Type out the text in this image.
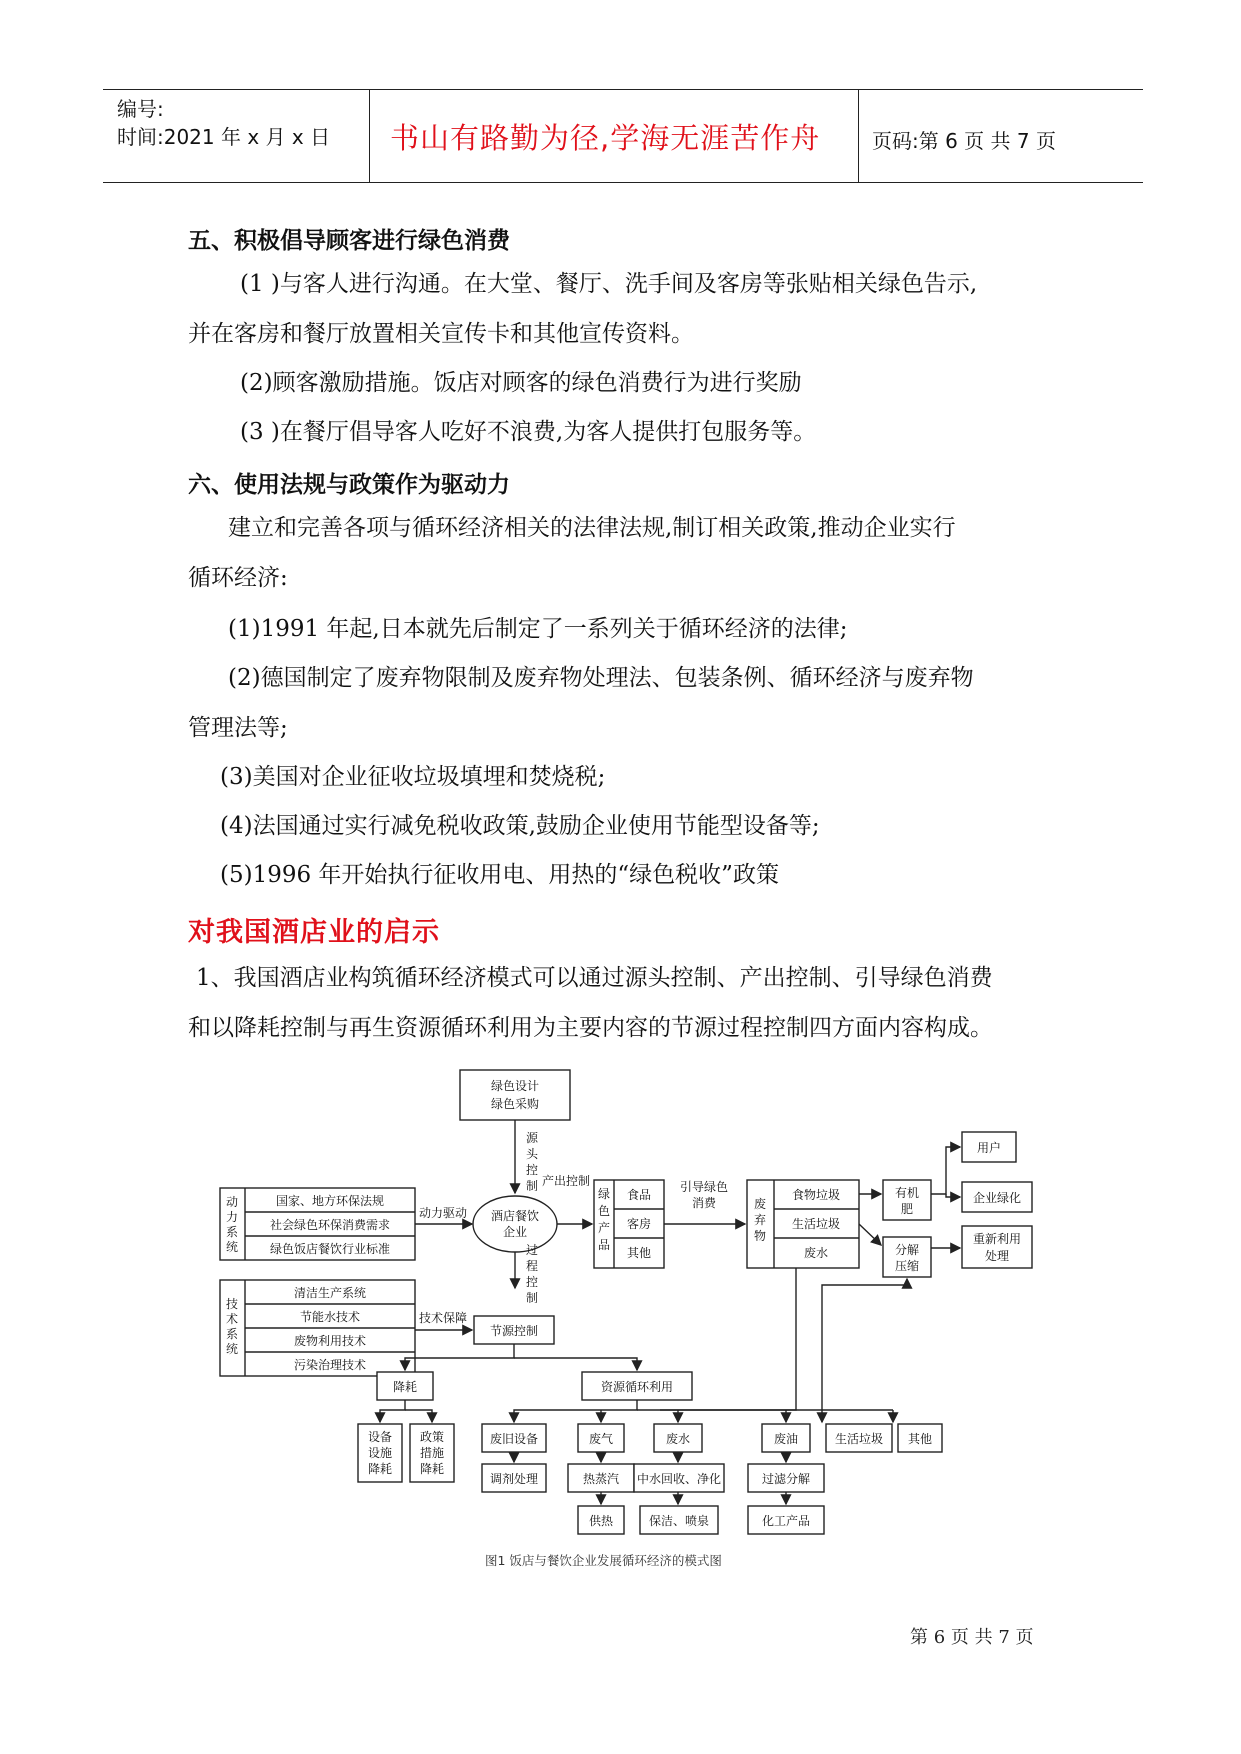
编号:
时间:2021 年 x 月 x 日 书山有路勤为径,学海无涯苦作舟	页码:第 6 页 共 7 页
五、积极倡导顾客进行绿色消费
(1 )与客人进行沟通。在大堂、餐厅、洗手间及客房等张贴相关绿色告示,
并在客房和餐厅放置相关宣传卡和其他宣传资料。
(2)顾客激励措施。饭店对顾客的绿色消费行为进行奖励
(3 )在餐厅倡导客人吃好不浪费,为客人提供打包服务等。
六、使用法规与政策作为驱动力
建立和完善各项与循环经济相关的法律法规,制订相关政策,推动企业实行
循环经济:
(1)1991 年起,日本就先后制定了一系列关于循环经济的法律;
(2)德国制定了废弃物限制及废弃物处理法、包装条例、循环经济与废弃物
管理法等;
(3)美国对企业征收垃圾填埋和焚烧税;
(4)法国通过实行减免税收政策,鼓励企业使用节能型设备等;
(5)1996 年开始执行征收用电、用热的“绿色税收”政策
对我国酒店业的启示
1、我国酒店业构筑循环经济模式可以通过源头控制、产出控制、引导绿色消费
和以降耗控制与再生资源循环利用为主要内容的节源过程控制四方面内容构成。
绿色设计
绿色采购
源
头
控
制
动
力
系
统
国家、地方环保法规
社会绿色环保消费需求
绿色饭店餐饮行业标准
动力驱动 酒店餐饮
企业
产出控制
绿
色
产
品
食品
客房
其他
引导绿色
消费	废
弃
物
食物垃圾
生活垃圾
废水
有机
肥
分解
压缩
用户
企业绿化
重新利用
处理
过
程
控
制
技
术
系
统
清洁生产系统
节能水技术
废物利用技术
污染治理技术
技术保障
节源控制
降耗
设备
设施
降耗
政策
措施
降耗
资源循环利用
废旧设备	废气	废水	废油	生活垃圾 其他
调剂处理	热蒸汽 中水回收、净化	过滤分解
供热	保洁、喷泉	化工产品
图1 饭店与餐饮企业发展循环经济的模式图
第 6 页 共 7 页
